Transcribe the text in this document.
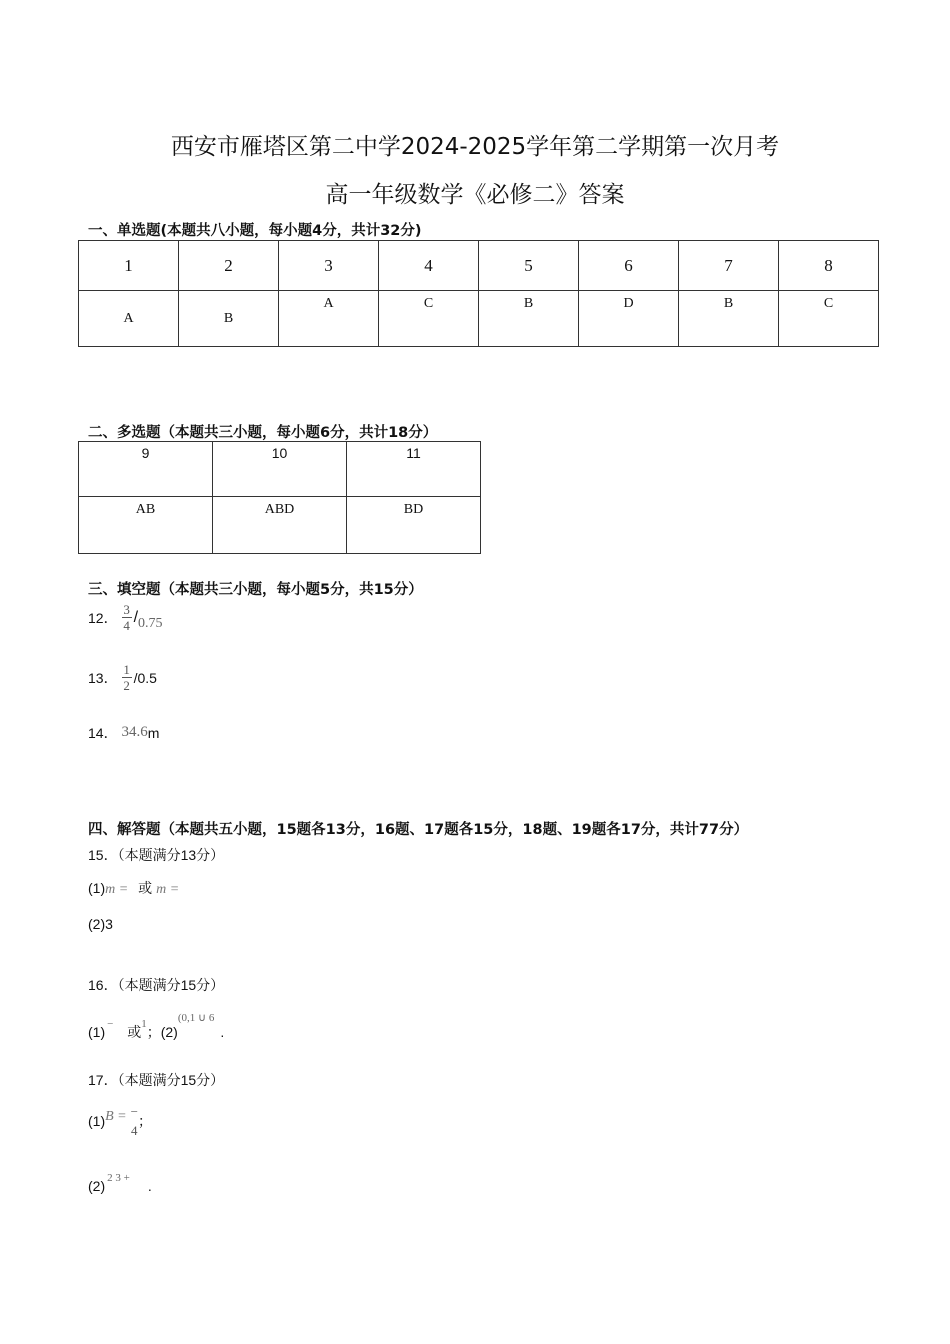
西安市雁塔区第二中学2024-2025学年第二学期第一次月考
高一年级数学《必修二》答案
一、单选题(本题共八小题，每小题4分，共计32分)
1	2	3	4	5	6	7	8
A	B	A	C	B	D	B	C
二、多选题（本题共三小题，每小题6分，共计18分）
9	10	11
AB	ABD	BD
三、填空题（本题共三小题，每小题5分，共15分）
12． $\frac{3}{4} / 0.75$
13． $\frac{1}{2} /0.5$
14． 34.6m
四、解答题（本题共五小题，15题各13分，16题、17题各15分，18题、19题各17分，共计77分）
15．（本题满分13分）
(1)m = 或 m =
(2)3
16．（本题满分15分）
(1) − 或1；$(2)^{(0,1 \cup 6}$.
17．（本题满分15分）
(1) B = −
4
；
(2) 2 3 + .
